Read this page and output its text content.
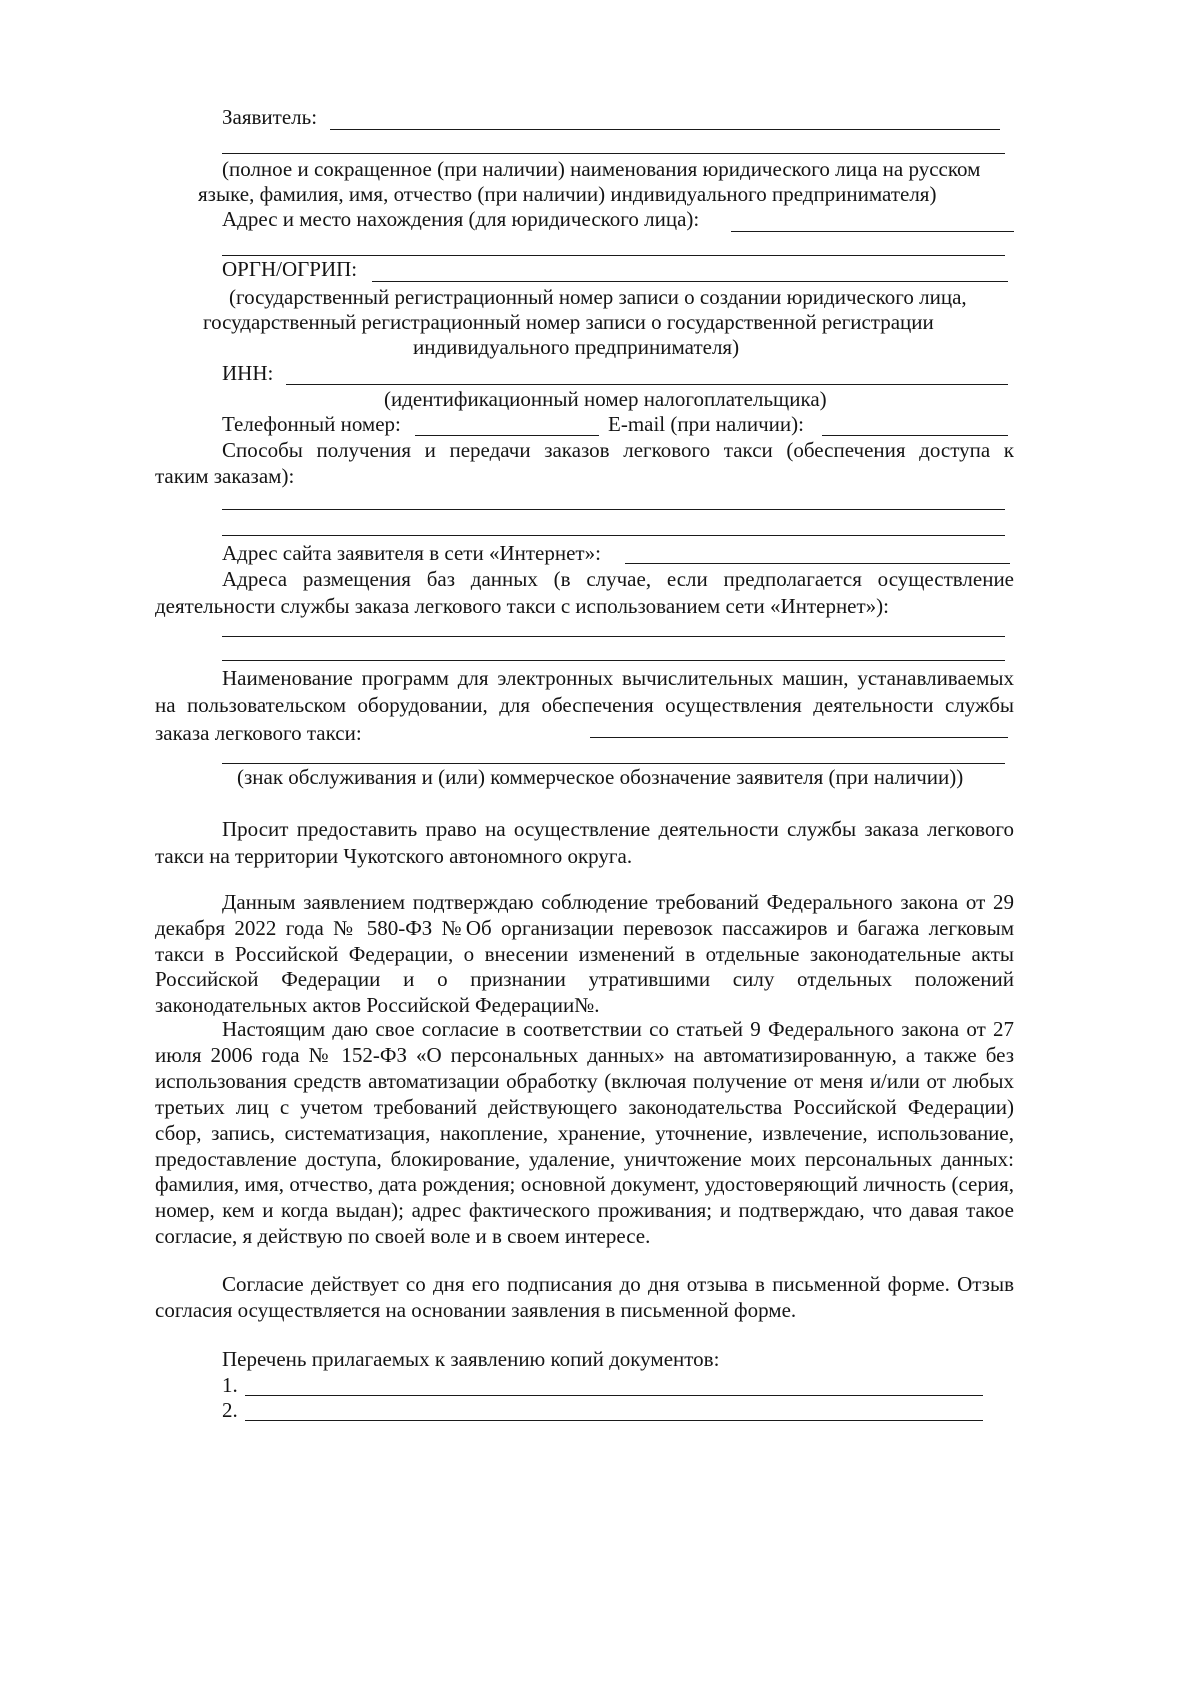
Заявитель:
(полное и сокращенное (при наличии) наименования юридического лица на русском
языке, фамилия, имя, отчество (при наличии) индивидуального предпринимателя)
Адрес и место нахождения (для юридического лица):
ОРГН/ОГРИП:
(государственный регистрационный номер записи о создании юридического лица,
государственный регистрационный номер записи о государственной регистрации
индивидуального предпринимателя)
ИНН:
(идентификационный номер налогоплательщика)
Телефонный номер:	E-mail (при наличии):
Способы получения и передачи заказов легкового такси (обеспечения доступа к
таким заказам):
Адрес сайта заявителя в сети «Интернет»:
Адреса размещения баз данных (в случае, если предполагается осуществление деятельности службы заказа легкового такси с использованием сети «Интернет»):
Наименование программ для электронных вычислительных машин, устанавливаемых на пользовательском оборудовании, для обеспечения осуществления деятельности службы заказа легкового такси:
(знак обслуживания и (или) коммерческое обозначение заявителя (при наличии))
Просит предоставить право на осуществление деятельности службы заказа легкового такси на территории Чукотского автономного округа.
Данным заявлением подтверждаю соблюдение требований Федерального закона от 29 декабря 2022 года № 580-ФЗ №Об организации перевозок пассажиров и багажа легковым такси в Российской Федерации, о внесении изменений в отдельные законодательные акты Российской Федерации и о признании утратившими силу отдельных положений законодательных актов Российской Федерации№.
Настоящим даю свое согласие в соответствии со статьей 9 Федерального закона от 27 июля 2006 года № 152-ФЗ «О персональных данных» на автоматизированную, а также без использования средств автоматизации обработку (включая получение от меня и/или от любых третьих лиц с учетом требований действующего законодательства Российской Федерации) сбор, запись, систематизация, накопление, хранение, уточнение, извлечение, использование, предоставление доступа, блокирование, удаление, уничтожение моих персональных данных: фамилия, имя, отчество, дата рождения; основной документ, удостоверяющий личность (серия, номер, кем и когда выдан); адрес фактического проживания; и подтверждаю, что давая такое согласие, я действую по своей воле и в своем интересе.
Согласие действует со дня его подписания до дня отзыва в письменной форме. Отзыв согласия осуществляется на основании заявления в письменной форме.
Перечень прилагаемых к заявлению копий документов:
1.
2.
